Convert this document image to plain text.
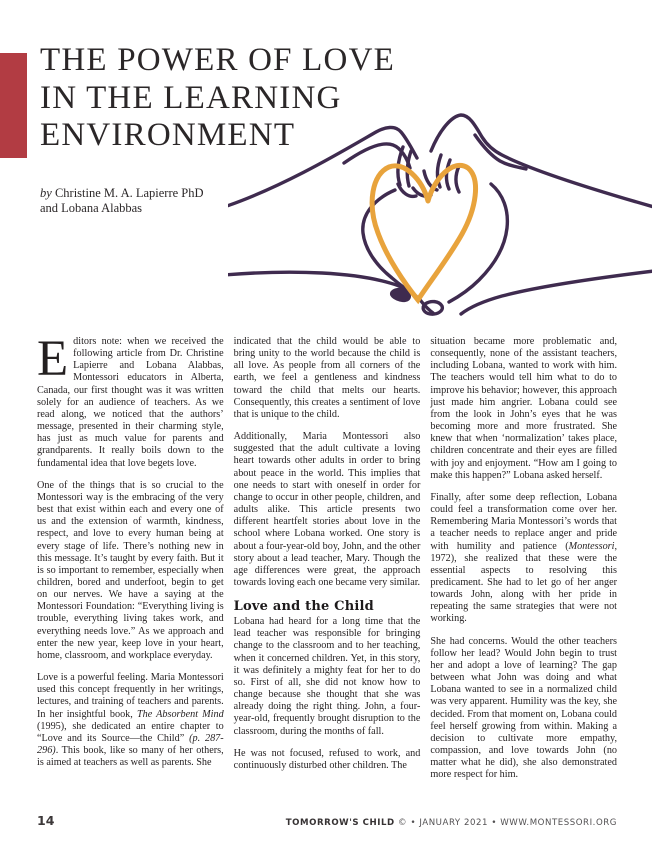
THE POWER OF LOVE
IN THE LEARNING
ENVIRONMENT
by Christine M. A. Lapierre PhD
and Lobana Alabbas

Editors note: when we received the following article from Dr. Christine Lapierre and Lobana Alabbas, Montessori educators in Alberta, Canada, our first thought was it was written solely for an audience of teachers. As we read along, we noticed that the authors’ message, presented in their charming style, has just as much value for parents and grandparents. It really boils down to the fundamental idea that love begets love.

One of the things that is so crucial to the Montessori way is the embracing of the very best that exist within each and every one of us and the extension of warmth, kindness, respect, and love to every human being at every stage of life. There’s nothing new in this message. It’s taught by every faith. But it is so important to remember, especially when children, bored and underfoot, begin to get on our nerves. We have a saying at the Montessori Foundation: “Everything living is trouble, everything living takes work, and everything needs love.” As we approach and enter the new year, keep love in your heart, home, classroom, and workplace everyday.

Love is a powerful feeling. Maria Montessori used this concept frequently in her writings, lectures, and training of teachers and parents. In her insightful book, The Absorbent Mind (1995), she dedicated an entire chapter to “Love and its Source—the Child” (p. 287-296). This book, like so many of her others, is aimed at teachers as well as parents. She

indicated that the child would be able to bring unity to the world because the child is all love. As people from all corners of the earth, we feel a gentleness and kindness toward the child that melts our hearts. Consequently, this creates a sentiment of love that is unique to the child.

Additionally, Maria Montessori also suggested that the adult cultivate a loving heart towards other adults in order to bring about peace in the world. This implies that one needs to start with oneself in order for change to occur in other people, children, and adults alike. This article presents two different heartfelt stories about love in the school where Lobana worked. One story is about a four-year-old boy, John, and the other story about a lead teacher, Mary. Though the age differences were great, the approach towards loving each one became very similar.

Love and the Child

Lobana had heard for a long time that the lead teacher was responsible for bringing change to the classroom and to her teaching, when it concerned children. Yet, in this story, it was definitely a mighty feat for her to do so. First of all, she did not know how to change because she thought that she was already doing the right thing. John, a four-year-old, frequently brought disruption to the classroom, during the months of fall.

He was not focused, refused to work, and continuously disturbed other children. The

situation became more problematic and, consequently, none of the assistant teachers, including Lobana, wanted to work with him. The teachers would tell him what to do to improve his behavior; however, this approach just made him angrier. Lobana could see from the look in John’s eyes that he was becoming more and more frustrated. She knew that when ‘normalization’ takes place, children concentrate and their eyes are filled with joy and enjoyment. “How am I going to make this happen?” Lobana asked herself.

Finally, after some deep reflection, Lobana could feel a transformation come over her. Remembering Maria Montessori’s words that a teacher needs to replace anger and pride with humility and patience (Montessori, 1972), she realized that these were the essential aspects to resolving this predicament. She had to let go of her anger towards John, along with her pride in repeating the same strategies that were not working.

She had concerns. Would the other teachers follow her lead? Would John begin to trust her and adopt a love of learning? The gap between what John was doing and what Lobana wanted to see in a normalized child was very apparent. Humility was the key, she decided. From that moment on, Lobana could feel herself growing from within. Making a decision to cultivate more empathy, compassion, and love towards John (no matter what he did), she also demonstrated more respect for him.

14	TOMORROW'S CHILD © • JANUARY 2021 • WWW.MONTESSORI.ORG
